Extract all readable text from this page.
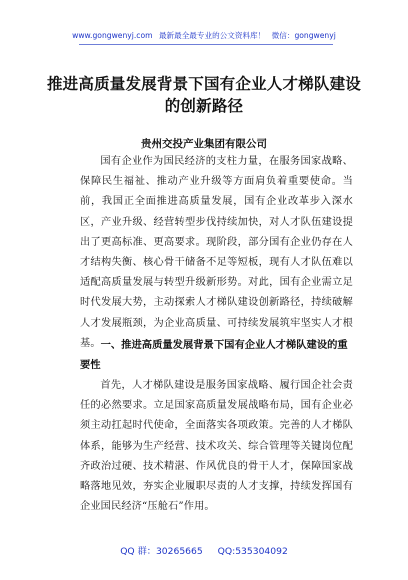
www.gongwenyj.com 最新最全最专业的公文资料库！ 微信：gongwenyj
推进高质量发展背景下国有企业人才梯队建设的创新路径
贵州交投产业集团有限公司
国有企业作为国民经济的支柱力量，在服务国家战略、保障民生福祉、推动产业升级等方面肩负着重要使命。当前，我国正全面推进高质量发展，国有企业改革步入深水区，产业升级、经营转型步伐持续加快，对人才队伍建设提出了更高标准、更高要求。现阶段，部分国有企业仍存在人才结构失衡、核心骨干储备不足等短板，现有人才队伍难以适配高质量发展与转型升级新形势。对此，国有企业需立足时代发展大势，主动探索人才梯队建设创新路径，持续破解人才发展瓶颈，为企业高质量、可持续发展筑牢坚实人才根基。 一、推进高质量发展背景下国有企业人才梯队建设的重要性
首先，人才梯队建设是服务国家战略、履行国企社会责任的必然要求。立足国家高质量发展战略布局，国有企业必须主动扛起时代使命，全面落实各项政策。完善的人才梯队体系，能够为生产经营、技术攻关、综合管理等关键岗位配齐政治过硬、技术精湛、作风优良的骨干人才，保障国家战略落地见效，夯实企业履职尽责的人才支撑，持续发挥国有企业国民经济“压舱石”作用。
QQ 群：30265665 QQ:535304092
